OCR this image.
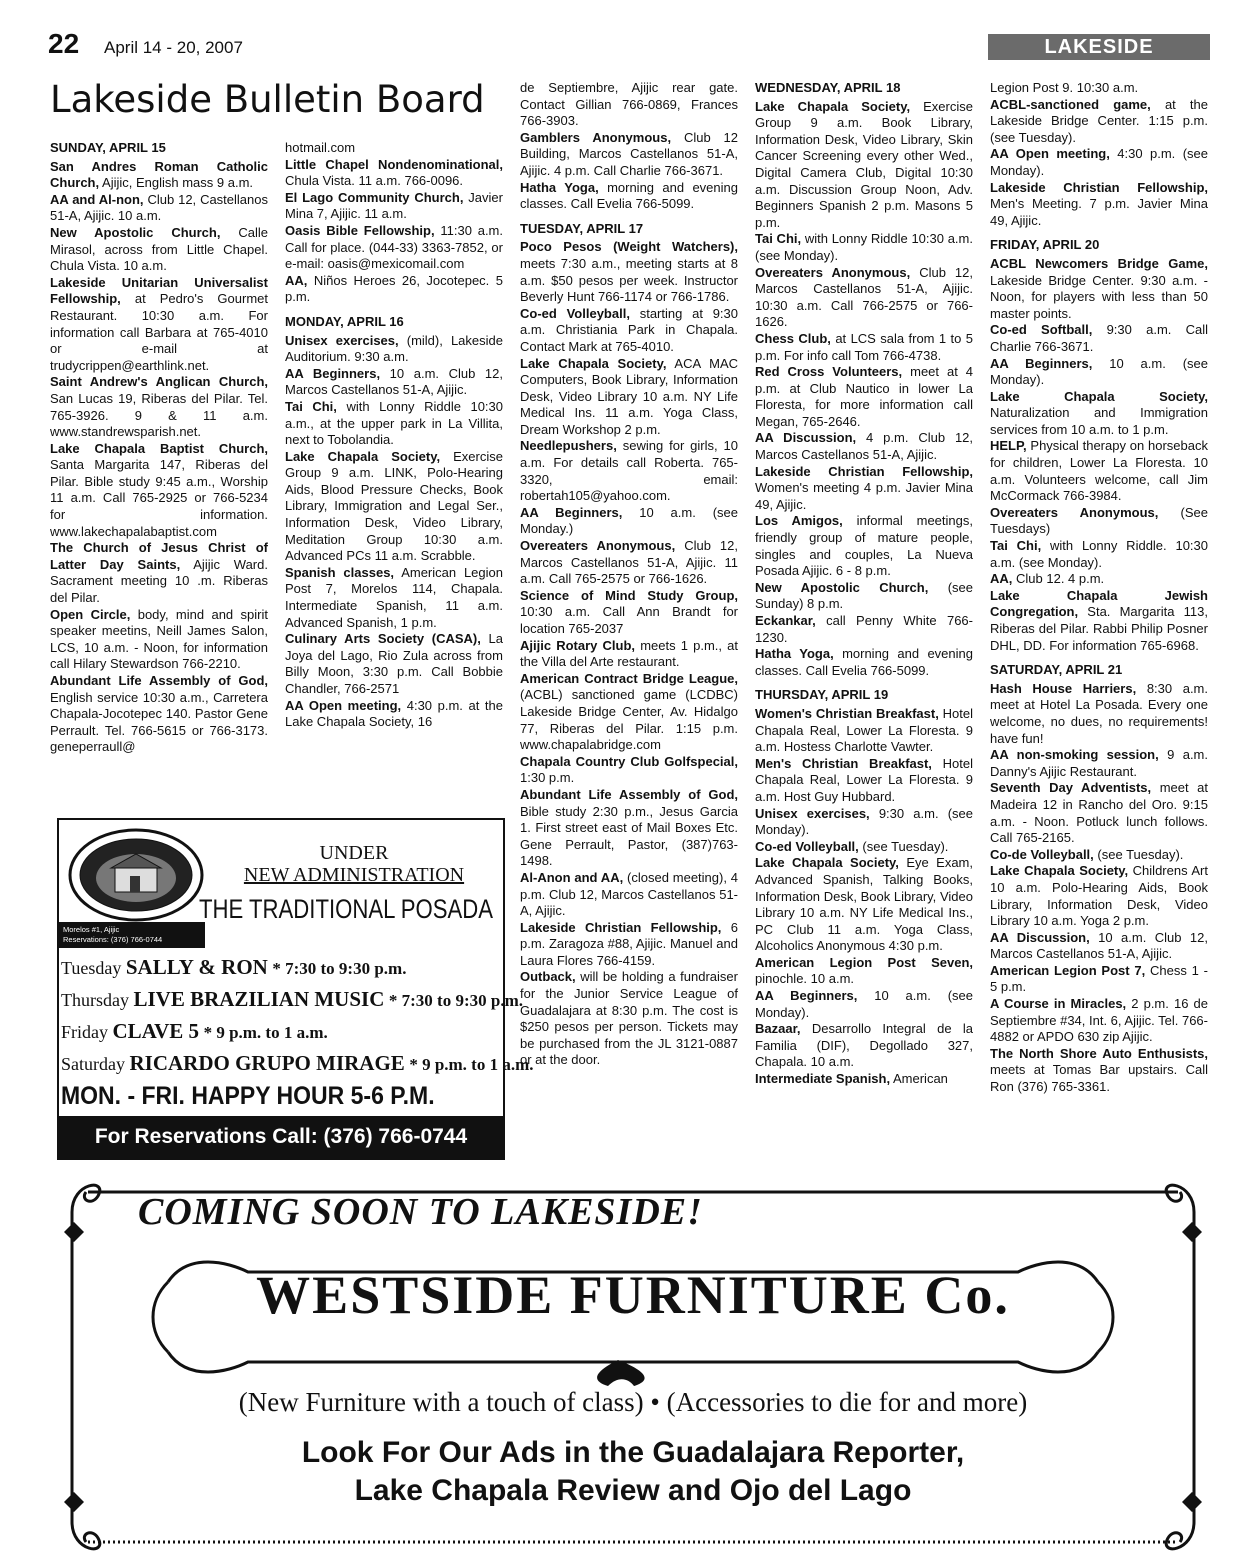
22 April 14 - 20, 2007	LAKESIDE
Lakeside Bulletin Board
SUNDAY, APRIL 15

San Andres Roman Catholic Church, Ajijic, English mass 9 a.m.

AA and Al-non, Club 12, Castellanos 51-A, Ajijic. 10 a.m.

New Apostolic Church, Calle Mirasol, across from Little Chapel. Chula Vista. 10 a.m.

Lakeside Unitarian Universalist Fellowship, at Pedro's Gourmet Restaurant. 10:30 a.m. For information call Barbara at 765-4010 or e-mail at trudycrippen@earthlink.net.

Saint Andrew's Anglican Church, San Lucas 19, Riberas del Pilar. Tel. 765-3926. 9 & 11 a.m. www.standrewsparish.net.

Lake Chapala Baptist Church, Santa Margarita 147, Riberas del Pilar. Bible study 9:45 a.m., Worship 11 a.m. Call 765-2925 or 766-5234 for information. www.lakechapalabaptist.com

The Church of Jesus Christ of Latter Day Saints, Ajijic Ward. Sacrament meeting 10 .m. Riberas del Pilar.

Open Circle, body, mind and spirit speaker meetins, Neill James Salon, LCS, 10 a.m. - Noon, for information call Hilary Stewardson 766-2210.

Abundant Life Assembly of God, English service 10:30 a.m., Carretera Chapala-Jocotepec 140. Pastor Gene Perrault. Tel. 766-5615 or 766-3173. geneperraull@

hotmail.com

Little Chapel Nondenominational, Chula Vista. 11 a.m. 766-0096.

El Lago Community Church, Javier Mina 7, Ajijic. 11 a.m.

Oasis Bible Fellowship, 11:30 a.m. Call for place. (044-33) 3363-7852, or e-mail: oasis@mexicomail.com

AA, Niños Heroes 26, Jocotepec. 5 p.m.

MONDAY, APRIL 16

Unisex exercises, (mild), Lakeside Auditorium. 9:30 a.m.

AA Beginners, 10 a.m. Club 12, Marcos Castellanos 51-A, Ajijic.

Tai Chi, with Lonny Riddle 10:30 a.m., at the upper park in La Villita, next to Tobolandia.

Lake Chapala Society, Exercise Group 9 a.m. LINK, Polo-Hearing Aids, Blood Pressure Checks, Book Library, Immigration and Legal Ser., Information Desk, Video Library, Meditation Group 10:30 a.m. Advanced PCs 11 a.m. Scrabble.

Spanish classes, American Legion Post 7, Morelos 114, Chapala. Intermediate Spanish, 11 a.m. Advanced Spanish, 1 p.m.

Culinary Arts Society (CASA), La Joya del Lago, Rio Zula across from Billy Moon, 3:30 p.m. Call Bobbie Chandler, 766-2571

AA Open meeting, 4:30 p.m. at the Lake Chapala Society, 16

de Septiembre, Ajijic rear gate. Contact Gillian 766-0869, Frances 766-3903.

Gamblers Anonymous, Club 12 Building, Marcos Castellanos 51-A, Ajijic. 4 p.m. Call Charlie 766-3671.

Hatha Yoga, morning and evening classes. Call Evelia 766-5099.

TUESDAY, APRIL 17

Poco Pesos (Weight Watchers), meets 7:30 a.m., meeting starts at 8 a.m. $50 pesos per week. Instructor Beverly Hunt 766-1174 or 766-1786.

Co-ed Volleyball, starting at 9:30 a.m. Christiania Park in Chapala. Contact Mark at 765-4010.

Lake Chapala Society, ACA MAC Computers, Book Library, Information Desk, Video Library 10 a.m. NY Life Medical Ins. 11 a.m. Yoga Class, Dream Workshop 2 p.m.

Needlepushers, sewing for girls, 10 a.m. For details call Roberta. 765-3320, email: robertah105@yahoo.com.

AA Beginners, 10 a.m. (see Monday.)

Overeaters Anonymous, Club 12, Marcos Castellanos 51-A, Ajijic. 11 a.m. Call 765-2575 or 766-1626.

Science of Mind Study Group, 10:30 a.m. Call Ann Brandt for location 765-2037

Ajijic Rotary Club, meets 1 p.m., at the Villa del Arte restaurant.

American Contract Bridge League, (ACBL) sanctioned game (LCDBC) Lakeside Bridge Center, Av. Hidalgo 77, Riberas del Pilar. 1:15 p.m. www.chapalabridge.com

Chapala Country Club Golfspecial, 1:30 p.m.

Abundant Life Assembly of God, Bible study 2:30 p.m., Jesus Garcia 1. First street east of Mail Boxes Etc. Gene Perrault, Pastor, (387)763-1498.

Al-Anon and AA, (closed meeting), 4 p.m. Club 12, Marcos Castellanos 51-A, Ajijic.

Lakeside Christian Fellowship, 6 p.m. Zaragoza #88, Ajijic. Manuel and Laura Flores 766-4159.

Outback, will be holding a fundraiser for the Junior Service League of Guadalajara at 8:30 p.m. The cost is $250 pesos per person. Tickets may be purchased from the JL 3121-0887 or at the door.

WEDNESDAY, APRIL 18

Lake Chapala Society, Exercise Group 9 a.m. Book Library, Information Desk, Video Library, Skin Cancer Screening every other Wed., Digital Camera Club, Digital 10:30 a.m. Discussion Group Noon, Adv. Beginners Spanish 2 p.m. Masons 5 p.m.

Tai Chi, with Lonny Riddle 10:30 a.m. (see Monday).

Overeaters Anonymous, Club 12, Marcos Castellanos 51-A, Ajijic. 10:30 a.m. Call 766-2575 or 766-1626.

Chess Club, at LCS sala from 1 to 5 p.m. For info call Tom 766-4738.

Red Cross Volunteers, meet at 4 p.m. at Club Nautico in lower La Floresta, for more information call Megan, 765-2646.

AA Discussion, 4 p.m. Club 12, Marcos Castellanos 51-A, Ajijic.

Lakeside Christian Fellowship, Women's meeting 4 p.m. Javier Mina 49, Ajijic.

Los Amigos, informal meetings, friendly group of mature people, singles and couples, La Nueva Posada Ajijic. 6 - 8 p.m.

New Apostolic Church, (see Sunday) 8 p.m.

Eckankar, call Penny White 766-1230.

Hatha Yoga, morning and evening classes. Call Evelia 766-5099.

THURSDAY, APRIL 19

Women's Christian Breakfast, Hotel Chapala Real, Lower La Floresta. 9 a.m. Hostess Charlotte Vawter.

Men's Christian Breakfast, Hotel Chapala Real, Lower La Floresta. 9 a.m. Host Guy Hubbard.

Unisex exercises, 9:30 a.m. (see Monday).

Co-ed Volleyball, (see Tuesday).

Lake Chapala Society, Eye Exam, Advanced Spanish, Talking Books, Information Desk, Book Library, Video Library 10 a.m. NY Life Medical Ins., PC Club 11 a.m. Yoga Class, Alcoholics Anonymous 4:30 p.m.

American Legion Post Seven, pinochle. 10 a.m.

AA Beginners, 10 a.m. (see Monday).

Bazaar, Desarrollo Integral de la Familia (DIF), Degollado 327, Chapala. 10 a.m.

Intermediate Spanish, American

Legion Post 9. 10:30 a.m.

ACBL-sanctioned game, at the Lakeside Bridge Center. 1:15 p.m. (see Tuesday).

AA Open meeting, 4:30 p.m. (see Monday).

Lakeside Christian Fellowship, Men's Meeting. 7 p.m. Javier Mina 49, Ajijic.

FRIDAY, APRIL 20

ACBL Newcomers Bridge Game, Lakeside Bridge Center. 9:30 a.m. - Noon, for players with less than 50 master points.

Co-ed Softball, 9:30 a.m. Call Charlie 766-3671.

AA Beginners, 10 a.m. (see Monday).

Lake Chapala Society, Naturalization and Immigration services from 10 a.m. to 1 p.m.

HELP, Physical therapy on horseback for children, Lower La Floresta. 10 a.m. Volunteers welcome, call Jim McCormack 766-3984.

Overeaters Anonymous, (See Tuesdays)

Tai Chi, with Lonny Riddle. 10:30 a.m. (see Monday).

AA, Club 12. 4 p.m.

Lake Chapala Jewish Congregation, Sta. Margarita 113, Riberas del Pilar. Rabbi Philip Posner DHL, DD. For information 765-6968.

SATURDAY, APRIL 21

Hash House Harriers, 8:30 a.m. meet at Hotel La Posada. Every one welcome, no dues, no requirements! have fun!

AA non-smoking session, 9 a.m. Danny's Ajijic Restaurant.

Seventh Day Adventists, meet at Madeira 12 in Rancho del Oro. 9:15 a.m. - Noon. Potluck lunch follows. Call 765-2165.

Co-de Volleyball, (see Tuesday).

Lake Chapala Society, Childrens Art 10 a.m. Polo-Hearing Aids, Book Library, Information Desk, Video Library 10 a.m. Yoga 2 p.m.

AA Discussion, 10 a.m. Club 12, Marcos Castellanos 51-A, Ajijic.

American Legion Post 7, Chess 1 - 5 p.m.

A Course in Miracles, 2 p.m. 16 de Septiembre #34, Int. 6, Ajijic. Tel. 766-4882 or APDO 630 zip Ajijic.

The North Shore Auto Enthusists, meets at Tomas Bar upstairs. Call Ron (376) 765-3361.

Morelos #1, Ajijic
Reservations: (376) 766-0744
UNDER
NEW ADMINISTRATION
THE TRADITIONAL POSADA
Tuesday SALLY & RON * 7:30 to 9:30 p.m.
Thursday LIVE BRAZILIAN MUSIC * 7:30 to 9:30 p.m.
Friday CLAVE 5 * 9 p.m. to 1 a.m.
Saturday RICARDO GRUPO MIRAGE * 9 p.m. to 1 a.m.
MON. - FRI. HAPPY HOUR 5-6 P.M.
For Reservations Call: (376) 766-0744
COMING SOON TO LAKESIDE!
WESTSIDE FURNITURE Co.
(New Furniture with a touch of class) • (Accessories to die for and more)
Look For Our Ads in the Guadalajara Reporter,
Lake Chapala Review and Ojo del Lago
